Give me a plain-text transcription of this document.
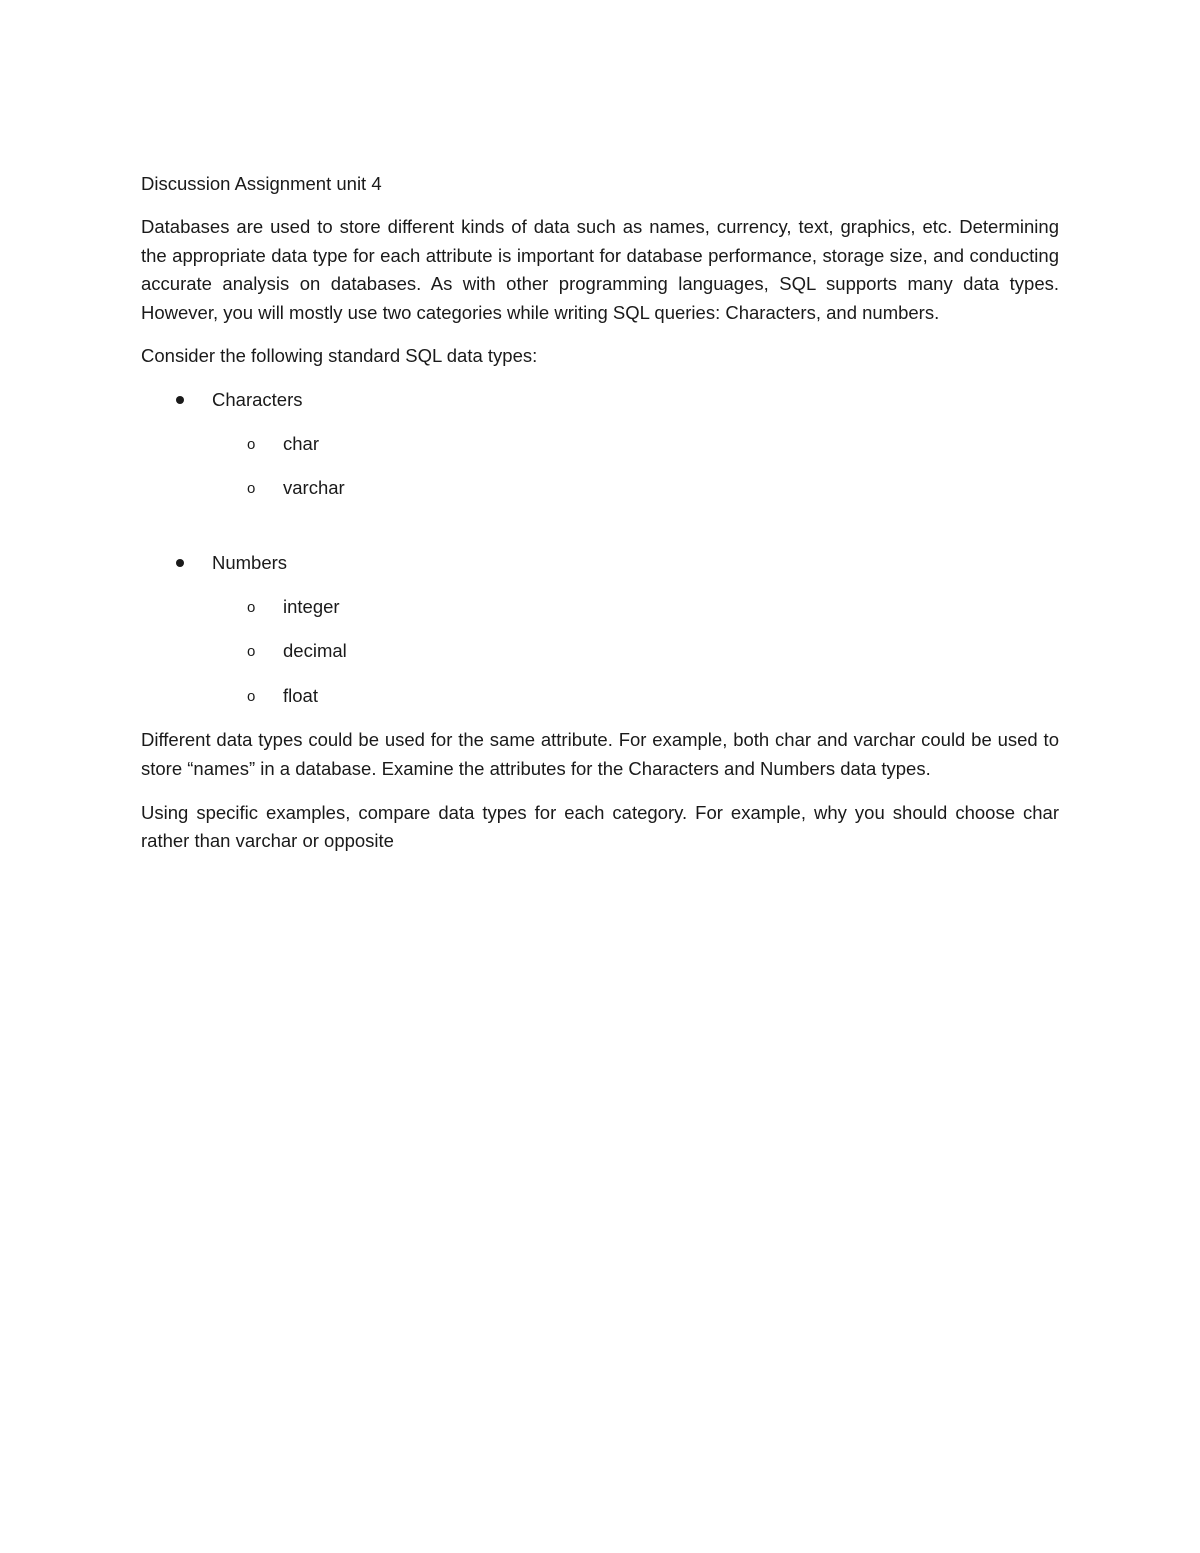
Discussion Assignment unit 4

Databases are used to store different kinds of data such as names, currency, text, graphics, etc. Determining the appropriate data type for each attribute is important for database performance, storage size, and conducting accurate analysis on databases. As with other programming languages, SQL supports many data types. However, you will mostly use two categories while writing SQL queries: Characters, and numbers.

Consider the following standard SQL data types:

Characters
o char
o varchar
Numbers
o integer
o decimal
o float

Different data types could be used for the same attribute. For example, both char and varchar could be used to store “names” in a database. Examine the attributes for the Characters and Numbers data types.

Using specific examples, compare data types for each category. For example, why you should choose char rather than varchar or opposite
